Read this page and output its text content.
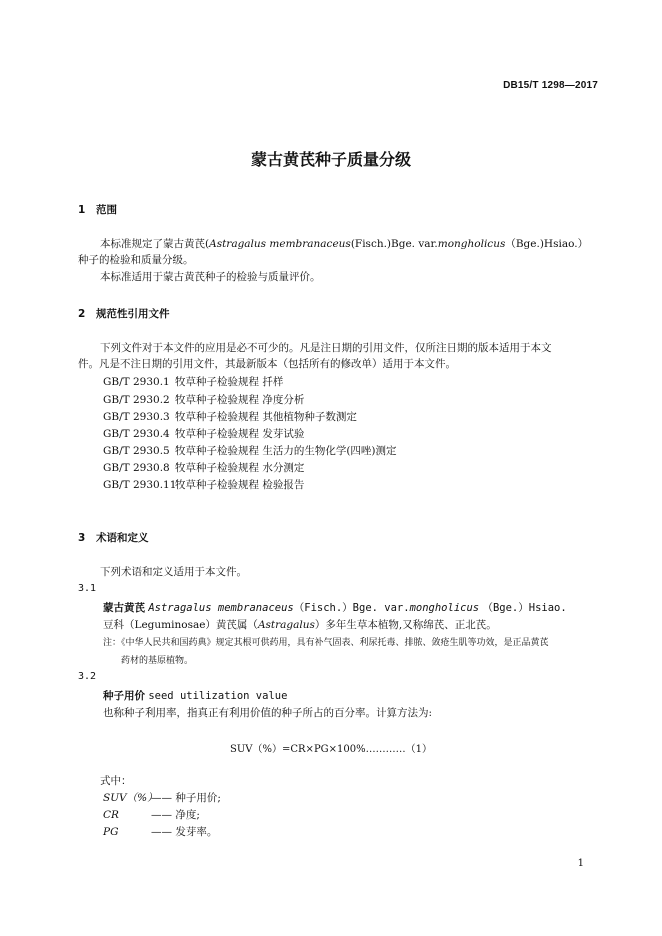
DB15/T 1298—2017
蒙古黄芪种子质量分级
1 范围
本标准规定了蒙古黄芪(Astragalus membranaceus(Fisch.)Bge. var.mongholicus（Bge.)Hsiao.）
种子的检验和质量分级。
本标准适用于蒙古黄芪种子的检验与质量评价。
2 规范性引用文件
下列文件对于本文件的应用是必不可少的。凡是注日期的引用文件，仅所注日期的版本适用于本文
件。凡是不注日期的引用文件，其最新版本（包括所有的修改单）适用于本文件。
GB/T 2930.1 牧草种子检验规程 扦样
GB/T 2930.2 牧草种子检验规程 净度分析
GB/T 2930.3 牧草种子检验规程 其他植物种子数测定
GB/T 2930.4 牧草种子检验规程 发芽试验
GB/T 2930.5 牧草种子检验规程 生活力的生物化学(四唑)测定
GB/T 2930.8 牧草种子检验规程 水分测定
GB/T 2930.11牧草种子检验规程 检验报告
3 术语和定义
下列术语和定义适用于本文件。
3.1
蒙古黄芪 Astragalus membranaceus（Fisch.）Bge. var.mongholicus （Bge.）Hsiao.
豆科（Leguminosae）黄芪属（Astragalus）多年生草本植物,又称绵芪、正北芪。
注：《中华人民共和国药典》规定其根可供药用，具有补气固表、利尿托毒、排脓、敛疮生肌等功效，是正品黄芪
药材的基原植物。
3.2
种子用价 seed utilization value
也称种子利用率，指真正有利用价值的种子所占的百分率。计算方法为:
SUV（%）=CR×PG×100%…………（1）
式中：
SUV（%）—— 种子用价;
CR	—— 净度;
PG	—— 发芽率。
1
